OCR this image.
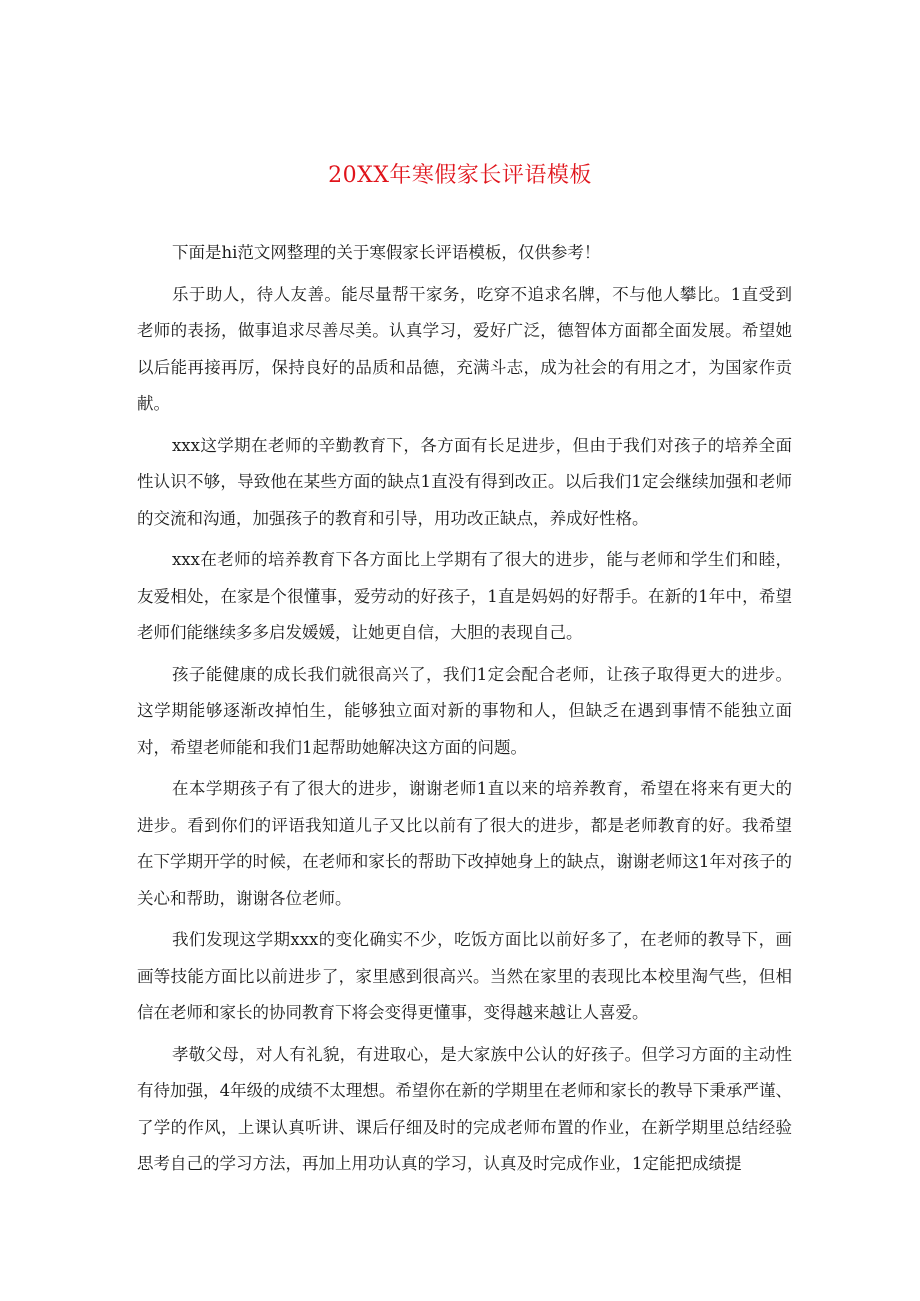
20XX年寒假家长评语模板

下面是hi范文网整理的关于寒假家长评语模板，仅供参考！

乐于助人，待人友善。能尽量帮干家务，吃穿不追求名牌，不与他人攀比。1直受到老师的表扬，做事追求尽善尽美。认真学习，爱好广泛，德智体方面都全面发展。希望她以后能再接再厉，保持良好的品质和品德，充满斗志，成为社会的有用之才，为国家作贡献。

xxx这学期在老师的辛勤教育下，各方面有长足进步，但由于我们对孩子的培养全面性认识不够，导致他在某些方面的缺点1直没有得到改正。以后我们1定会继续加强和老师的交流和沟通，加强孩子的教育和引导，用功改正缺点，养成好性格。

xxx在老师的培养教育下各方面比上学期有了很大的进步，能与老师和学生们和睦，友爱相处，在家是个很懂事，爱劳动的好孩子，1直是妈妈的好帮手。在新的1年中，希望老师们能继续多多启发媛媛，让她更自信，大胆的表现自己。

孩子能健康的成长我们就很高兴了，我们1定会配合老师，让孩子取得更大的进步。这学期能够逐渐改掉怕生，能够独立面对新的事物和人，但缺乏在遇到事情不能独立面对，希望老师能和我们1起帮助她解决这方面的问题。

在本学期孩子有了很大的进步，谢谢老师1直以来的培养教育，希望在将来有更大的进步。看到你们的评语我知道儿子又比以前有了很大的进步，都是老师教育的好。我希望在下学期开学的时候，在老师和家长的帮助下改掉她身上的缺点，谢谢老师这1年对孩子的关心和帮助，谢谢各位老师。

我们发现这学期xxx的变化确实不少，吃饭方面比以前好多了，在老师的教导下，画画等技能方面比以前进步了，家里感到很高兴。当然在家里的表现比本校里淘气些，但相信在老师和家长的协同教育下将会变得更懂事，变得越来越让人喜爱。

孝敬父母，对人有礼貌，有进取心，是大家族中公认的好孩子。但学习方面的主动性有待加强，4年级的成绩不太理想。希望你在新的学期里在老师和家长的教导下秉承严谨、了学的作风，上课认真听讲、课后仔细及时的完成老师布置的作业，在新学期里总结经验思考自己的学习方法，再加上用功认真的学习，认真及时完成作业，1定能把成绩提
